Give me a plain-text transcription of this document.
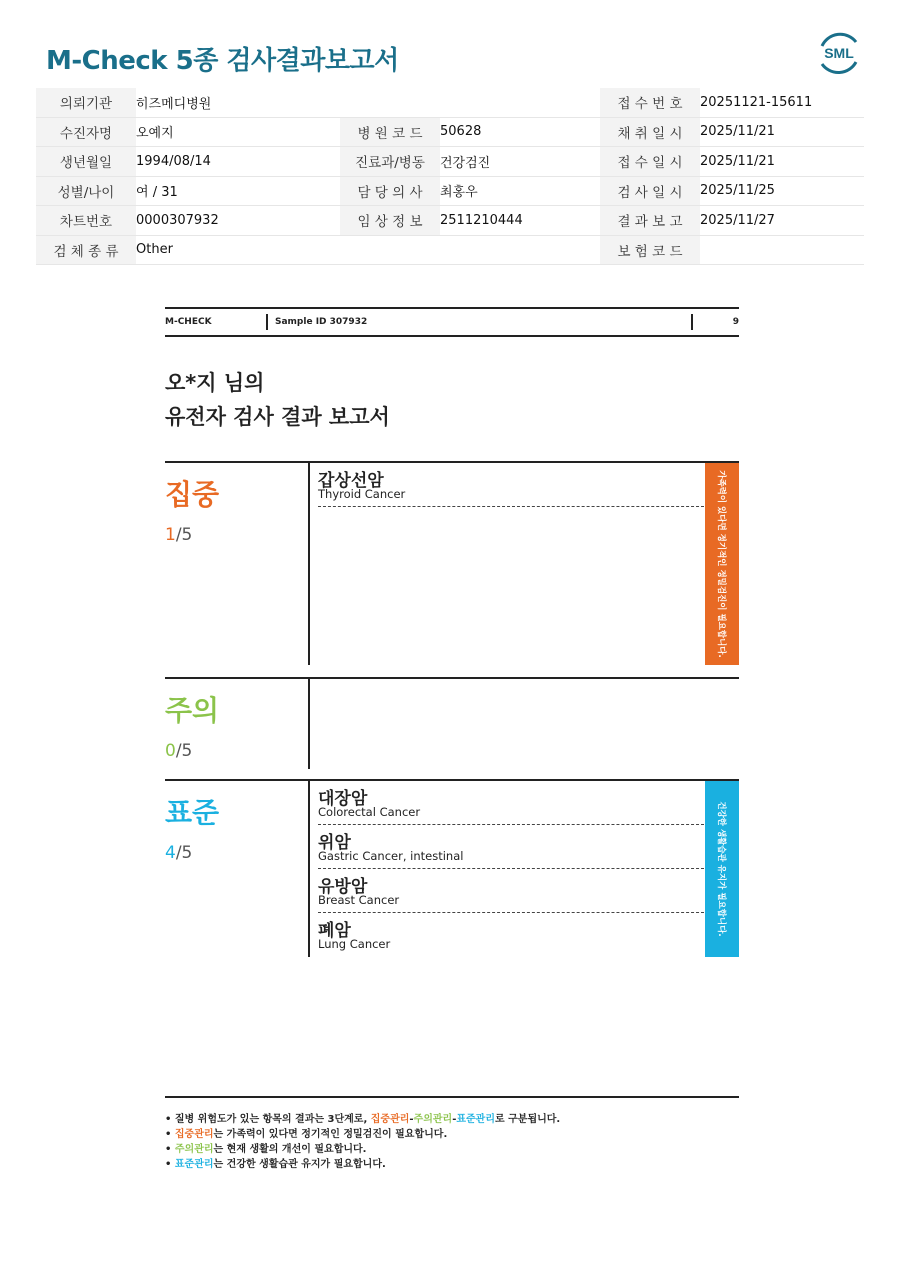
M-Check 5종 검사결과보고서	SML
의뢰기관	히즈메디병원			접 수 번 호	20251121-15611
수진자명	오예지	병 원 코 드	50628	채 취 일 시	2025/11/21
생년월일	1994/08/14	진료과/병동	건강검진	접 수 일 시	2025/11/21
성별/나이	여 / 31	담 당 의 사	최홍우	검 사 일 시	2025/11/25
차트번호	0000307932	임 상 정 보	2511210444	결 과 보 고	2025/11/27
검 체 종 류	Other			보 험 코 드	
M-CHECK	Sample ID 307932	9
오*지 님의
유전자 검사 결과 보고서
집중
1/5
갑상선암
Thyroid Cancer	가족력이 있다면 정기적인 정밀검진이 필요합니다.
주의
0/5
표준
4/5
대장암
Colorectal Cancer
위암
Gastric Cancer, intestinal
유방암
Breast Cancer
폐암
Lung Cancer
건강한 생활습관 유지가 필요합니다.
• 질병 위험도가 있는 항목의 결과는 3단계로, 집중관리-주의관리-표준관리로 구분됩니다.
• 집중관리는 가족력이 있다면 정기적인 정밀검진이 필요합니다.
• 주의관리는 현재 생활의 개선이 필요합니다.
• 표준관리는 건강한 생활습관 유지가 필요합니다.
